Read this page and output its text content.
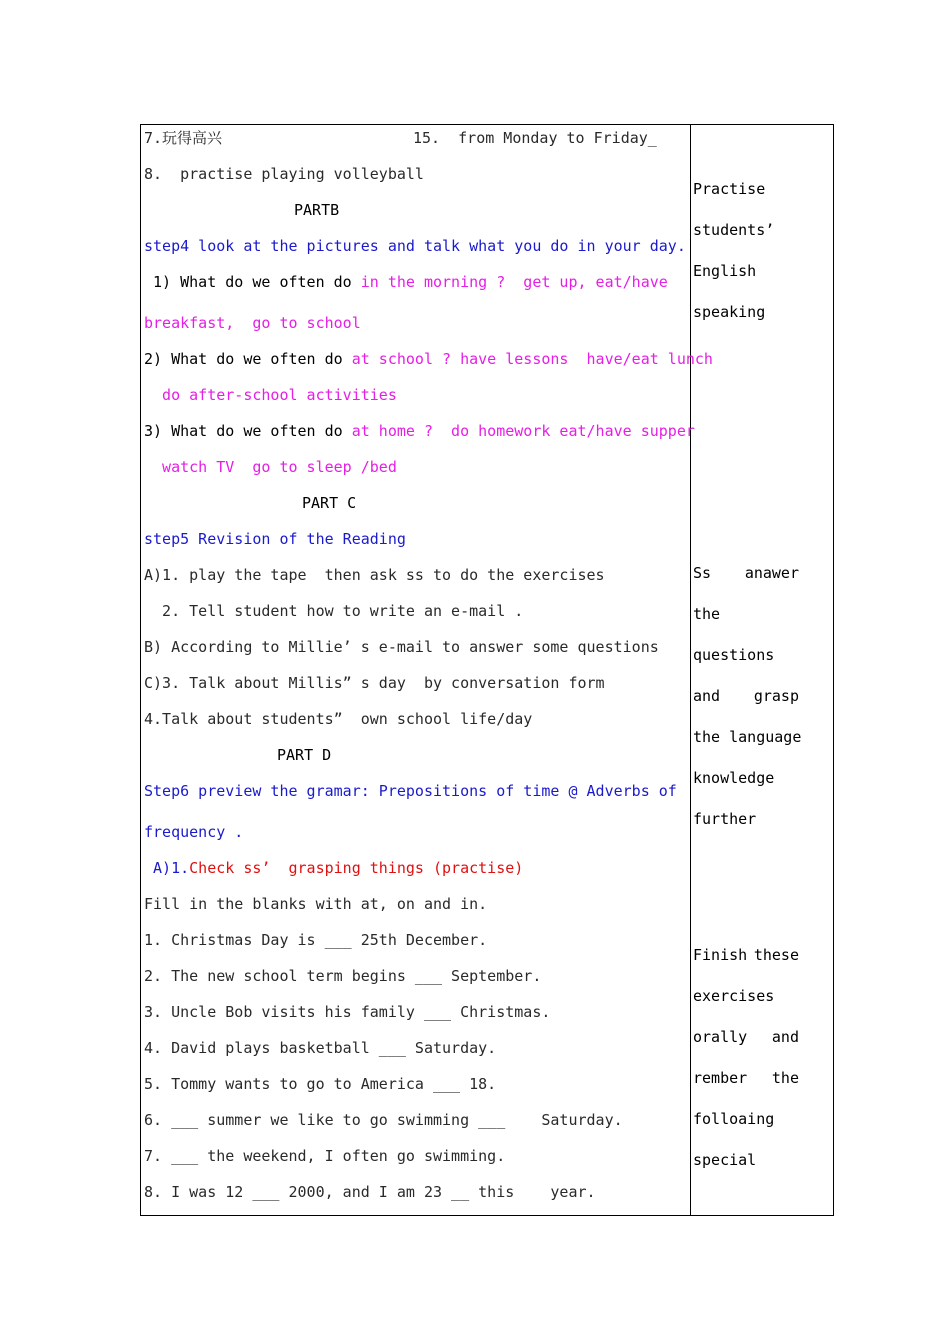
7.玩得高兴	15.  from Monday to Friday_
8.  practise playing volleyball
PARTB
step4 look at the pictures and talk what you do in your day.
1) What do we often do in the morning ?  get up, eat/have
breakfast,  go to school
2) What do we often do at school ? have lessons  have/eat lunch
do after-school activities
3) What do we often do at home ?  do homework eat/have supper
watch TV  go to sleep /bed
PART C
step5 Revision of the Reading
A)1. play the tape  then ask ss to do the exercises
2. Tell student how to write an e-mail .
B) According to Millie’ s e-mail to answer some questions
C)3. Talk about Millis” s day  by conversation form
4.Talk about students”  own school life/day
PART D
Step6 preview the gramar: Prepositions of time @ Adverbs of
frequency .
A)1.Check ss’  grasping things (practise)
Fill in the blanks with at, on and in.
1. Christmas Day is ___ 25th December.
2. The new school term begins ___ September.
3. Uncle Bob visits his family ___ Christmas.
4. David plays basketball ___ Saturday.
5. Tommy wants to go to America ___ 18.
6. ___ summer we like to go swimming ___    Saturday.
7. ___ the weekend, I often go swimming.
8. I was 12 ___ 2000, and I am 23 __ this    year.
Practise
students’
English
speaking
Ss anawer
the
questions
and grasp
the language
knowledge
further
Finish these
exercises
orally and
rember the
folloaing
special
